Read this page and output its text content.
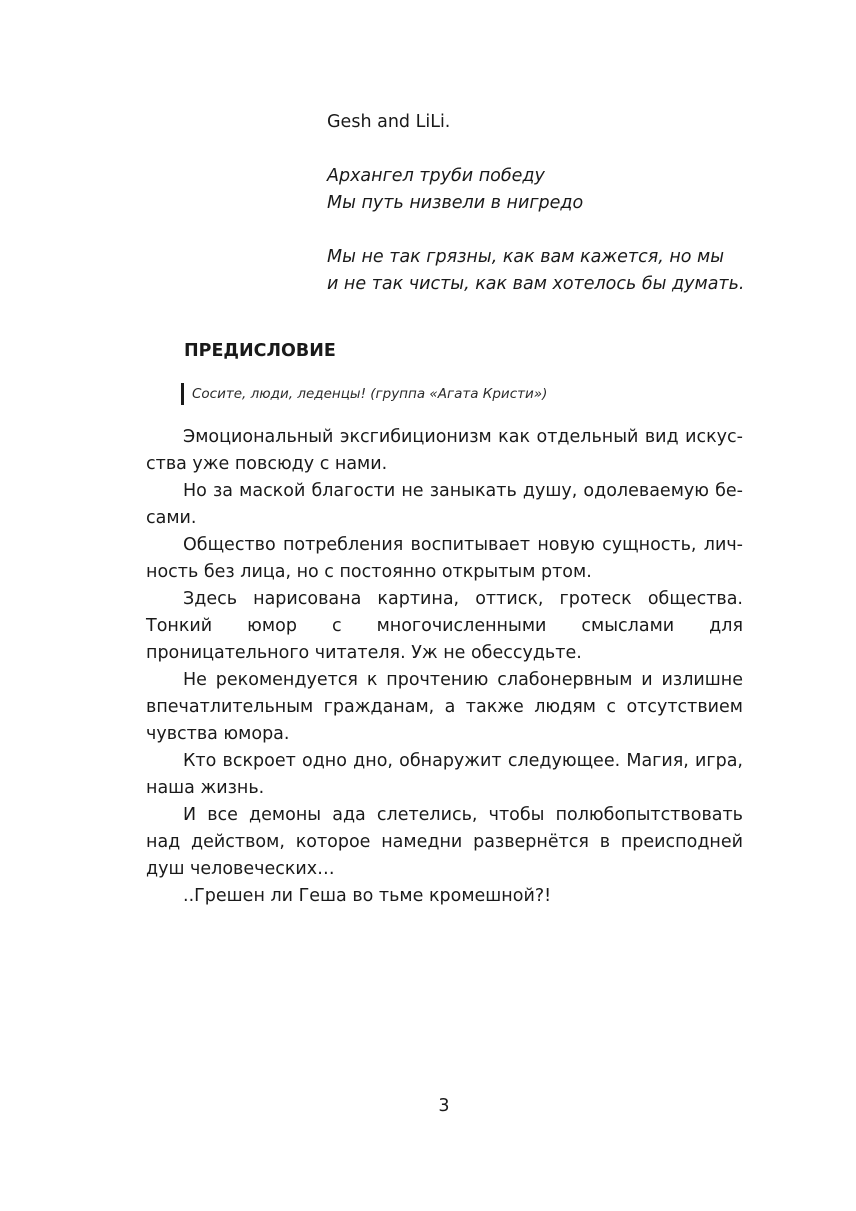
Gesh and LiLi.
Архангел труби победу
Мы путь низвели в нигредо
Мы не так грязны, как вам кажется, но мы
и не так чисты, как вам хотелось бы думать.
ПРЕДИСЛОВИЕ
Сосите, люди, леденцы! (группа «Агата Кристи»)

Эмоциональный эксгибиционизм как отдельный вид искусства уже повсюду с нами.

Но за маской благости не заныкать душу, одолеваемую бесами.

Общество потребления воспитывает новую сущность, личность без лица, но с постоянно открытым ртом.

Здесь нарисована картина, оттиск, гротеск общества. Тонкий юмор с многочисленными смыслами для проницательного читателя. Уж не обессудьте.

Не рекомендуется к прочтению слабонервным и излишне впечатлительным гражданам, а также людям с отсутствием чувства юмора.

Кто вскроет одно дно, обнаружит следующее. Магия, игра, наша жизнь.

И все демоны ада слетелись, чтобы полюбопытствовать над действом, которое намедни развернётся в преисподней душ человеческих…

..Грешен ли Геша во тьме кромешной?!

3
